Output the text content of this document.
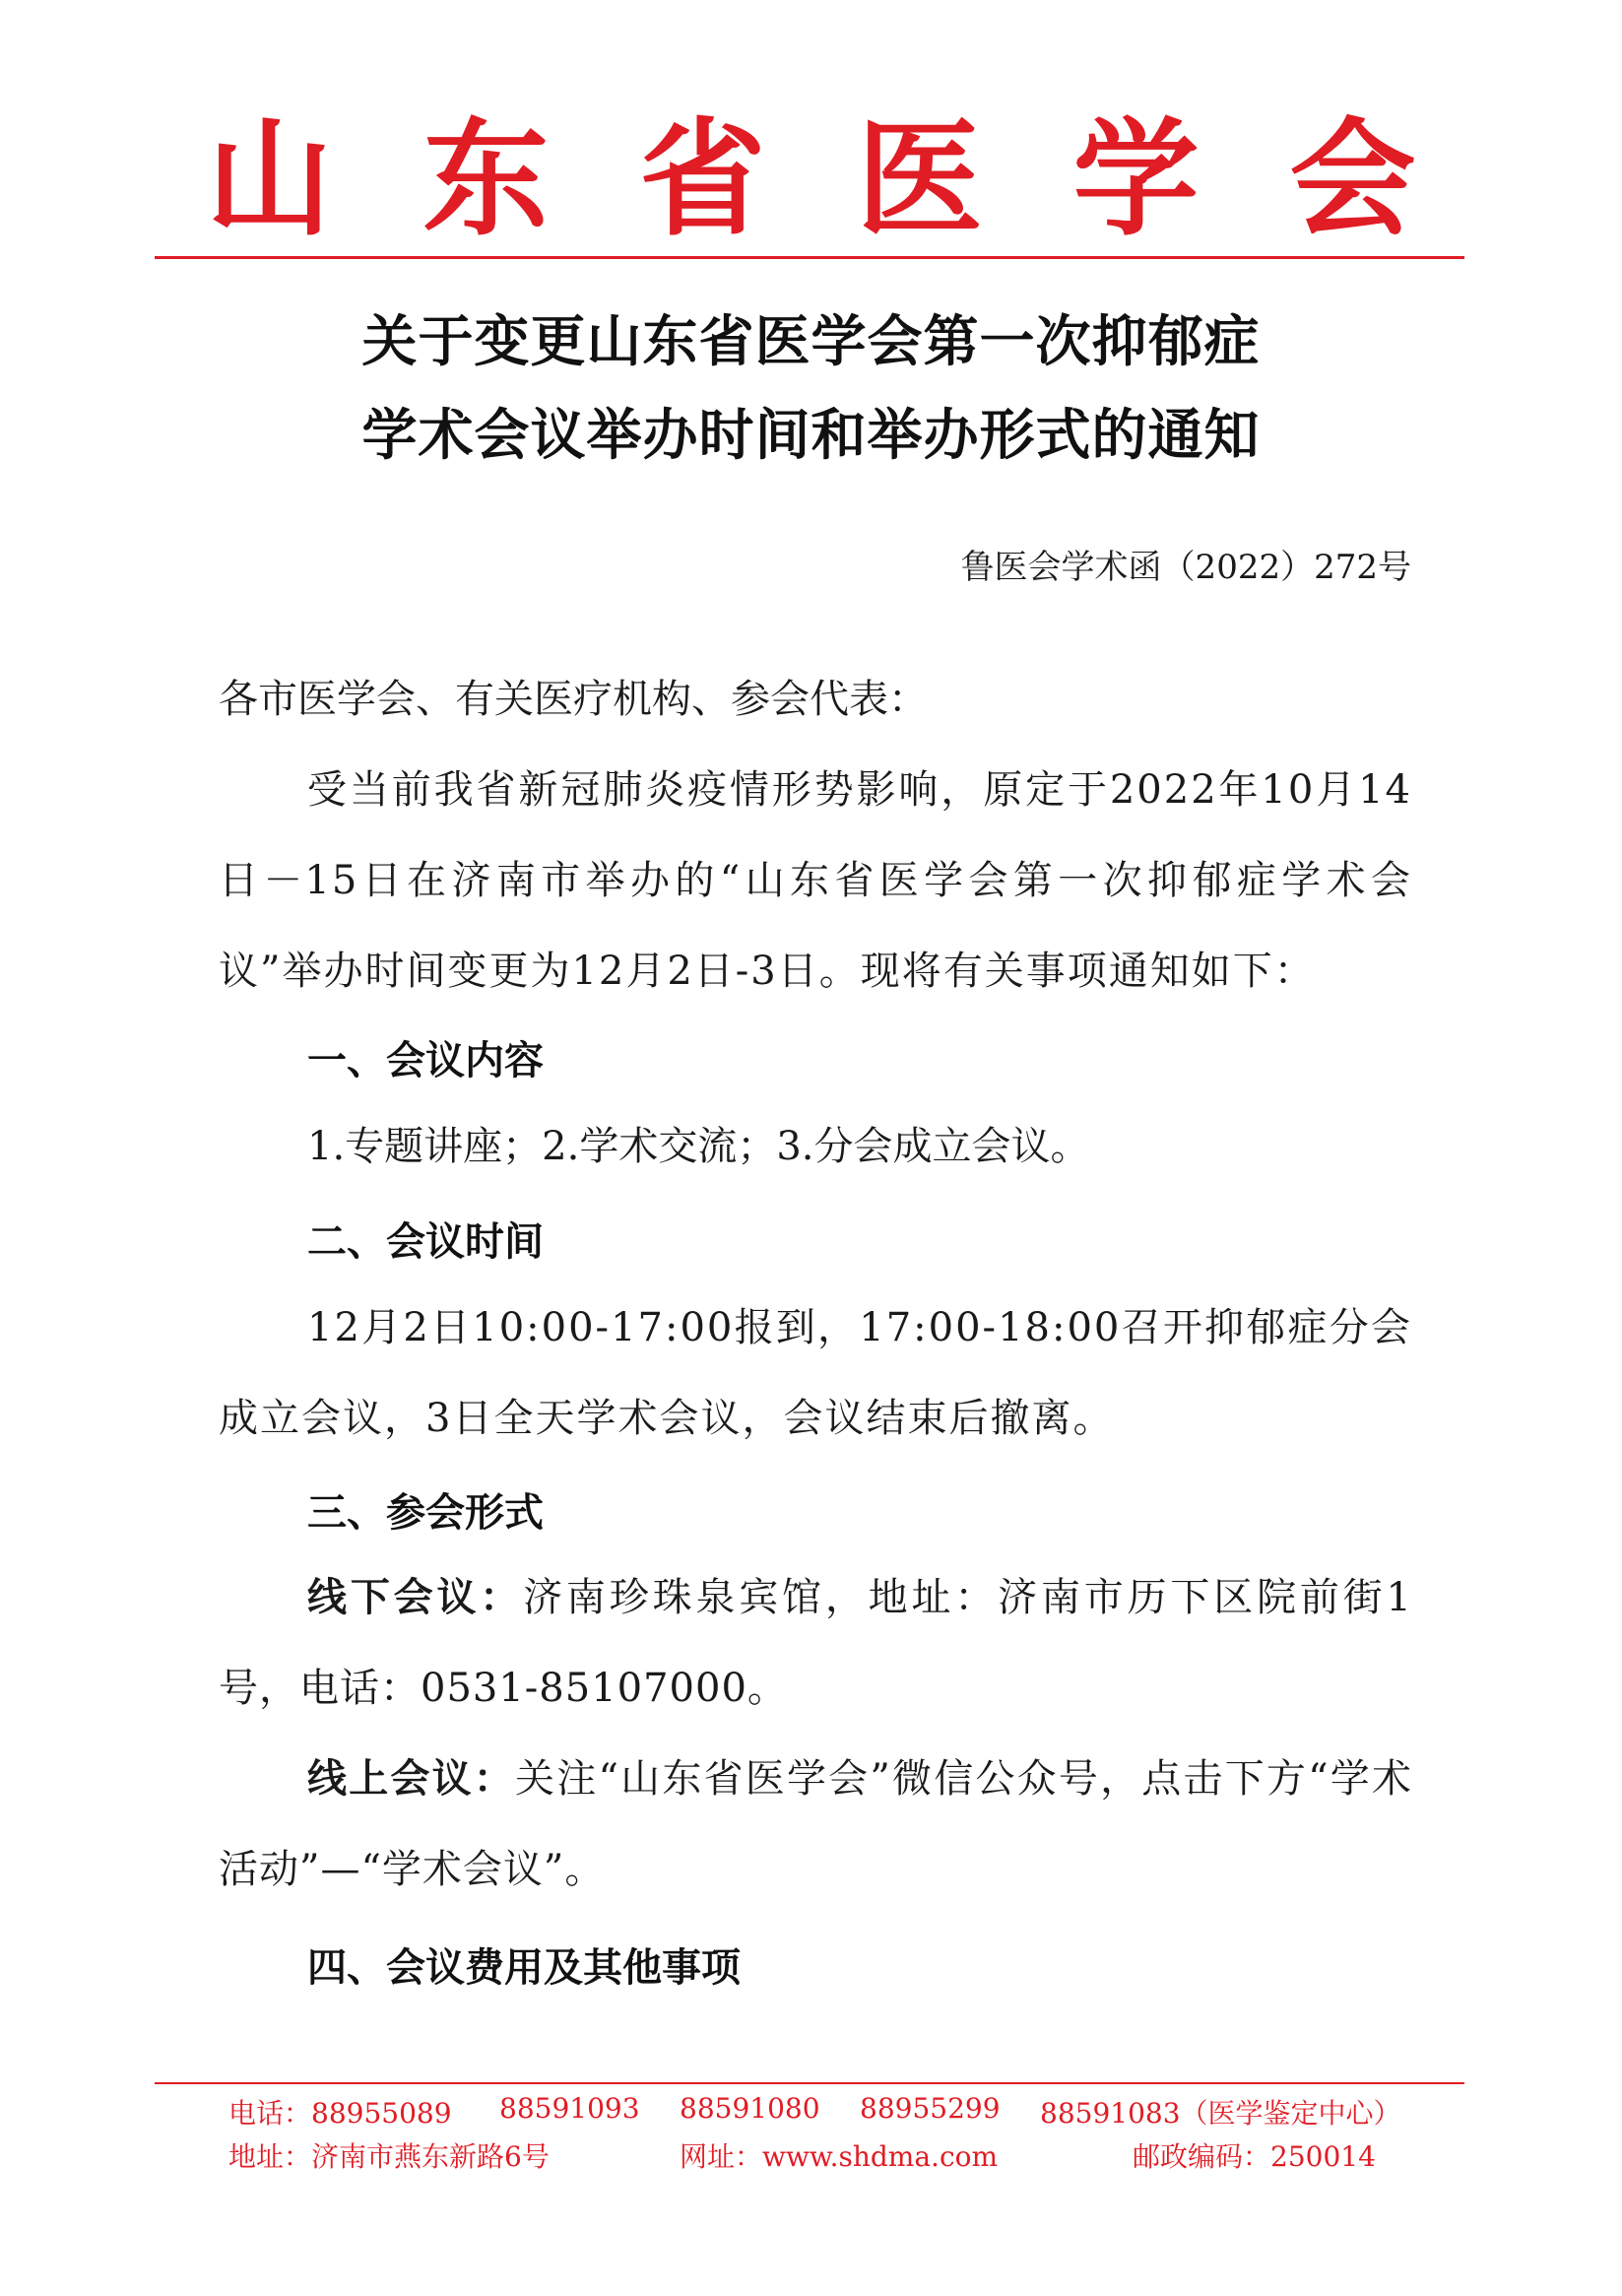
山东省医学会
关于变更山东省医学会第一次抑郁症
学术会议举办时间和举办形式的通知
鲁医会学术函（2022）272号
各市医学会、有关医疗机构、参会代表：
受当前我省新冠肺炎疫情形势影响，原定于2022年10月14日－15日在济南市举办的“山东省医学会第一次抑郁症学术会议”举办时间变更为12月2日-3日。现将有关事项通知如下：
一、会议内容
1.专题讲座；2.学术交流；3.分会成立会议。
二、会议时间
12月2日10:00-17:00报到，17:00-18:00召开抑郁症分会成立会议，3日全天学术会议，会议结束后撤离。
三、参会形式
线下会议：济南珍珠泉宾馆，地址：济南市历下区院前街1号，电话：0531-85107000。
线上会议：关注“山东省医学会”微信公众号，点击下方“学术活动”—“学术会议”。
四、会议费用及其他事项
电话：88955089 88591093 88591080 88955299 88591083（医学鉴定中心）
地址：济南市燕东新路6号	网址：www.shdma.com	邮政编码：250014
